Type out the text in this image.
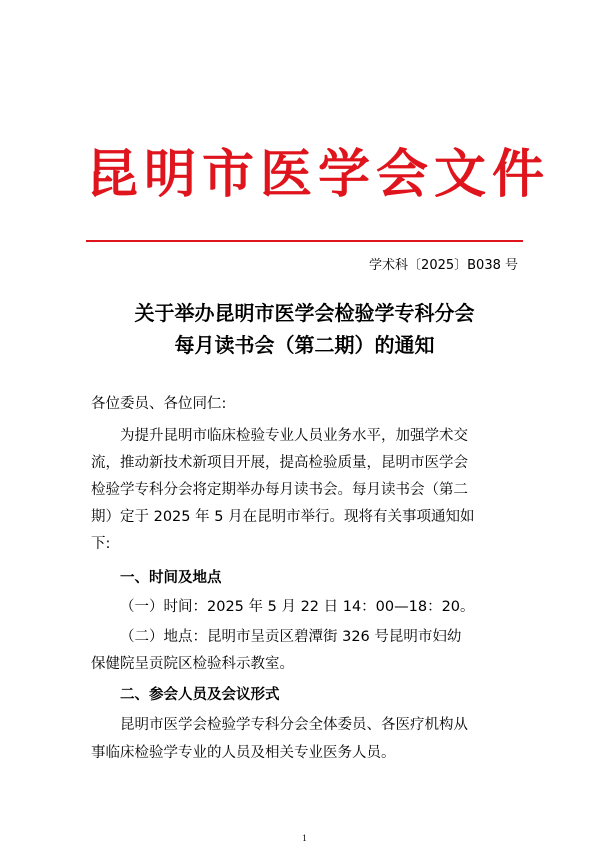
昆明市医学会文件
学术科〔2025〕B038 号
关于举办昆明市医学会检验学专科分会
每月读书会（第二期）的通知
各位委员、各位同仁:
为提升昆明市临床检验专业人员业务水平，加强学术交
流，推动新技术新项目开展，提高检验质量，昆明市医学会
检验学专科分会将定期举办每月读书会。每月读书会（第二
期）定于 2025 年 5 月在昆明市举行。现将有关事项通知如
下:
一、时间及地点
（一）时间：2025 年 5 月 22 日 14：00—18：20。
（二）地点：昆明市呈贡区碧潭街 326 号昆明市妇幼
保健院呈贡院区检验科示教室。
二、参会人员及会议形式
昆明市医学会检验学专科分会全体委员、各医疗机构从
事临床检验学专业的人员及相关专业医务人员。
1
